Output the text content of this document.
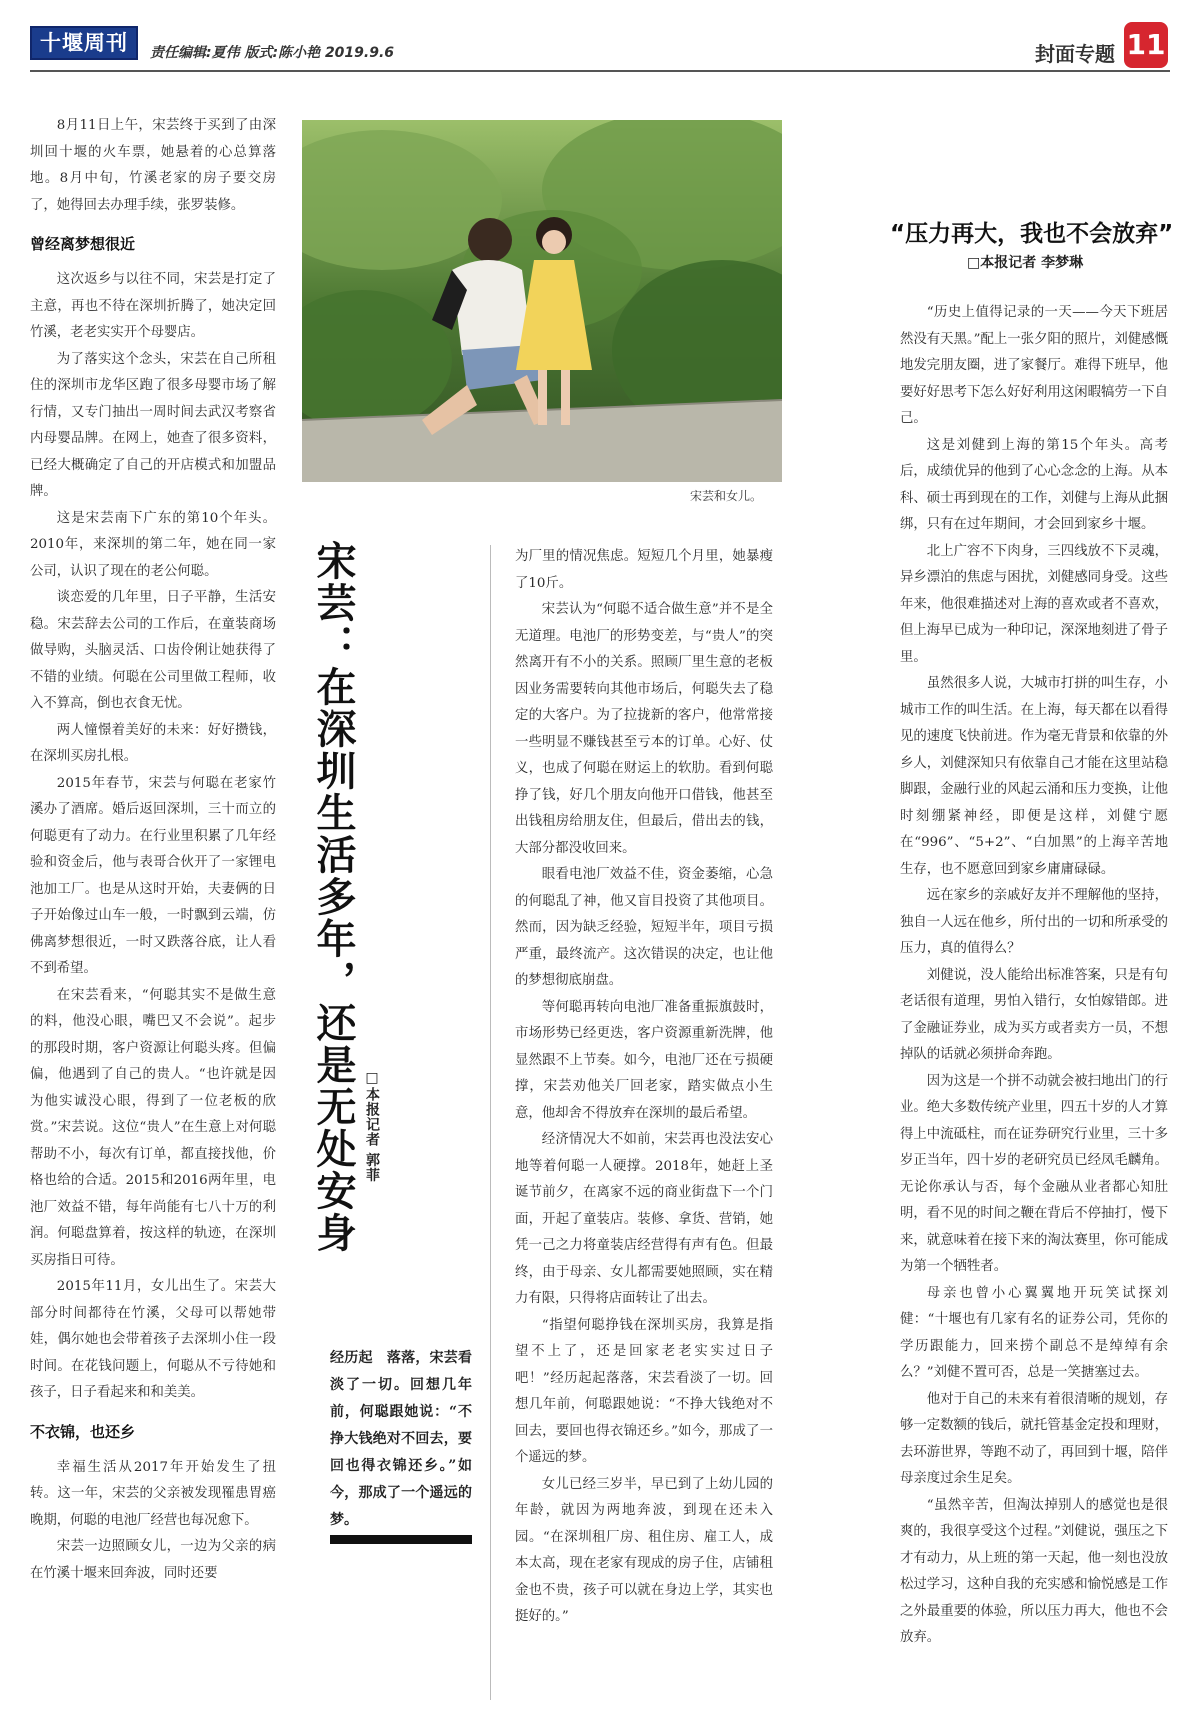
十堰周刊	责任编辑:夏伟 版式:陈小艳 2019.9.6	封面专题 11

8月11日上午，宋芸终于买到了由深圳回十堰的火车票，她悬着的心总算落地。8月中旬，竹溪老家的房子要交房了，她得回去办理手续，张罗装修。

曾经离梦想很近

这次返乡与以往不同，宋芸是打定了主意，再也不待在深圳折腾了，她决定回竹溪，老老实实开个母婴店。

为了落实这个念头，宋芸在自己所租住的深圳市龙华区跑了很多母婴市场了解行情，又专门抽出一周时间去武汉考察省内母婴品牌。在网上，她查了很多资料，已经大概确定了自己的开店模式和加盟品牌。

这是宋芸南下广东的第10个年头。2010年，来深圳的第二年，她在同一家公司，认识了现在的老公何聪。

谈恋爱的几年里，日子平静，生活安稳。宋芸辞去公司的工作后，在童装商场做导购，头脑灵活、口齿伶俐让她获得了不错的业绩。何聪在公司里做工程师，收入不算高，倒也衣食无忧。

两人憧憬着美好的未来：好好攒钱，在深圳买房扎根。

2015年春节，宋芸与何聪在老家竹溪办了酒席。婚后返回深圳，三十而立的何聪更有了动力。在行业里积累了几年经验和资金后，他与表哥合伙开了一家锂电池加工厂。也是从这时开始，夫妻俩的日子开始像过山车一般，一时飘到云端，仿佛离梦想很近，一时又跌落谷底，让人看不到希望。

在宋芸看来，“何聪其实不是做生意的料，他没心眼，嘴巴又不会说”。起步的那段时期，客户资源让何聪头疼。但偏偏，他遇到了自己的贵人。“也许就是因为他实诚没心眼，得到了一位老板的欣赏。”宋芸说。这位“贵人”在生意上对何聪帮助不小，每次有订单，都直接找他，价格也给的合适。2015和2016两年里，电池厂效益不错，每年尚能有七八十万的利润。何聪盘算着，按这样的轨迹，在深圳买房指日可待。

2015年11月，女儿出生了。宋芸大部分时间都待在竹溪，父母可以帮她带娃，偶尔她也会带着孩子去深圳小住一段时间。在花钱问题上，何聪从不亏待她和孩子，日子看起来和和美美。

不衣锦，也还乡

幸福生活从2017年开始发生了扭转。这一年，宋芸的父亲被发现罹患胃癌晚期，何聪的电池厂经营也每况愈下。

宋芸一边照顾女儿，一边为父亲的病在竹溪十堰来回奔波，同时还要

宋芸和女儿。
宋芸：在深圳生活多年，还是无处安身 □本报记者 郭菲
经历起　落落，宋芸看淡了一切。回想几年前，何聪跟她说：“不挣大钱绝对不回去，要回也得衣锦还乡。”如今，那成了一个遥远的梦。

为厂里的情况焦虑。短短几个月里，她暴瘦了10斤。

宋芸认为“何聪不适合做生意”并不是全无道理。电池厂的形势变差，与“贵人”的突然离开有不小的关系。照顾厂里生意的老板因业务需要转向其他市场后，何聪失去了稳定的大客户。为了拉拢新的客户，他常常接一些明显不赚钱甚至亏本的订单。心好、仗义，也成了何聪在财运上的软肋。看到何聪挣了钱，好几个朋友向他开口借钱，他甚至出钱租房给朋友住，但最后，借出去的钱，大部分都没收回来。

眼看电池厂效益不佳，资金萎缩，心急的何聪乱了神，他又盲目投资了其他项目。然而，因为缺乏经验，短短半年，项目亏损严重，最终流产。这次错误的决定，也让他的梦想彻底崩盘。

等何聪再转向电池厂准备重振旗鼓时，市场形势已经更迭，客户资源重新洗牌，他显然跟不上节奏。如今，电池厂还在亏损硬撑，宋芸劝他关厂回老家，踏实做点小生意，他却舍不得放弃在深圳的最后希望。

经济情况大不如前，宋芸再也没法安心地等着何聪一人硬撑。2018年，她赶上圣诞节前夕，在离家不远的商业街盘下一个门面，开起了童装店。装修、拿货、营销，她凭一己之力将童装店经营得有声有色。但最终，由于母亲、女儿都需要她照顾，实在精力有限，只得将店面转让了出去。

“指望何聪挣钱在深圳买房，我算是指望不上了，还是回家老老实实过日子吧！”经历起起落落，宋芸看淡了一切。回想几年前，何聪跟她说：“不挣大钱绝对不回去，要回也得衣锦还乡。”如今，那成了一个遥远的梦。

女儿已经三岁半，早已到了上幼儿园的年龄，就因为两地奔波，到现在还未入园。“在深圳租厂房、租住房、雇工人，成本太高，现在老家有现成的房子住，店铺租金也不贵，孩子可以就在身边上学，其实也挺好的。”

“压力再大，我也不会放弃”
□本报记者 李梦琳

“历史上值得记录的一天——今天下班居然没有天黑。”配上一张夕阳的照片，刘健感慨地发完朋友圈，进了家餐厅。难得下班早，他要好好思考下怎么好好利用这闲暇犒劳一下自己。

这是刘健到上海的第15个年头。高考后，成绩优异的他到了心心念念的上海。从本科、硕士再到现在的工作，刘健与上海从此捆绑，只有在过年期间，才会回到家乡十堰。

北上广容不下肉身，三四线放不下灵魂，异乡漂泊的焦虑与困扰，刘健感同身受。这些年来，他很难描述对上海的喜欢或者不喜欢，但上海早已成为一种印记，深深地刻进了骨子里。

虽然很多人说，大城市打拼的叫生存，小城市工作的叫生活。在上海，每天都在以看得见的速度飞快前进。作为毫无背景和依靠的外乡人，刘健深知只有依靠自己才能在这里站稳脚跟，金融行业的风起云涌和压力变换，让他时刻绷紧神经，即便是这样，刘健宁愿在“996”、“5+2”、“白加黑”的上海辛苦地生存，也不愿意回到家乡庸庸碌碌。

远在家乡的亲戚好友并不理解他的坚持，独自一人远在他乡，所付出的一切和所承受的压力，真的值得么？

刘健说，没人能给出标准答案，只是有句老话很有道理，男怕入错行，女怕嫁错郎。进了金融证券业，成为买方或者卖方一员，不想掉队的话就必须拼命奔跑。

因为这是一个拼不动就会被扫地出门的行业。绝大多数传统产业里，四五十岁的人才算得上中流砥柱，而在证券研究行业里，三十多岁正当年，四十岁的老研究员已经凤毛麟角。无论你承认与否，每个金融从业者都心知肚明，看不见的时间之鞭在背后不停抽打，慢下来，就意味着在接下来的淘汰赛里，你可能成为第一个牺牲者。

母亲也曾小心翼翼地开玩笑试探刘健：“十堰也有几家有名的证券公司，凭你的学历跟能力，回来捞个副总不是绰绰有余么？”刘健不置可否，总是一笑搪塞过去。

他对于自己的未来有着很清晰的规划，存够一定数额的钱后，就托管基金定投和理财，去环游世界，等跑不动了，再回到十堰，陪伴母亲度过余生足矣。

“虽然辛苦，但淘汰掉别人的感觉也是很爽的，我很享受这个过程。”刘健说，强压之下才有动力，从上班的第一天起，他一刻也没放松过学习，这种自我的充实感和愉悦感是工作之外最重要的体验，所以压力再大，他也不会放弃。
